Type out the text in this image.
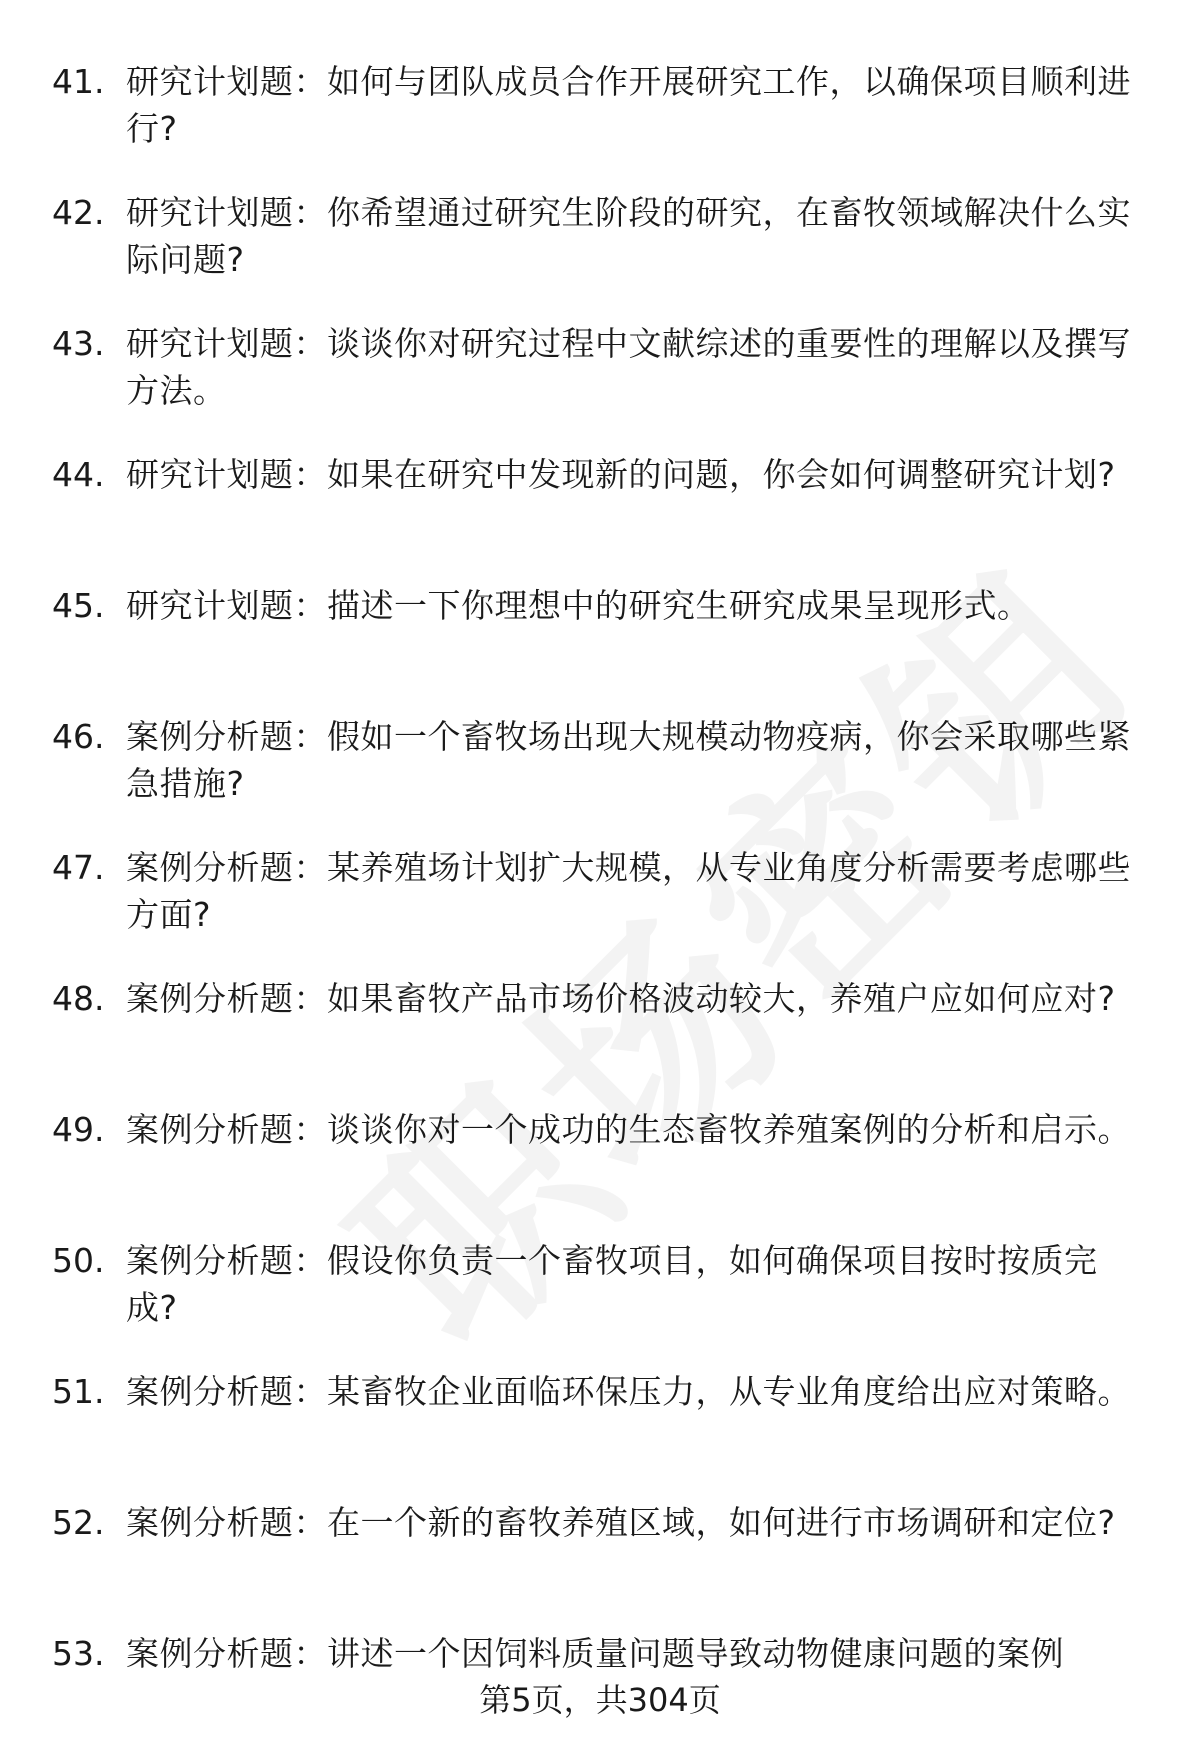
41. 研究计划题：如何与团队成员合作开展研究工作，以确保项目顺利进行?
42. 研究计划题：你希望通过研究生阶段的研究，在畜牧领域解决什么实际问题?
43. 研究计划题：谈谈你对研究过程中文献综述的重要性的理解以及撰写方法。
44. 研究计划题：如果在研究中发现新的问题，你会如何调整研究计划?
45. 研究计划题：描述一下你理想中的研究生研究成果呈现形式。
46. 案例分析题：假如一个畜牧场出现大规模动物疫病，你会采取哪些紧急措施?
47. 案例分析题：某养殖场计划扩大规模，从专业角度分析需要考虑哪些方面?
48. 案例分析题：如果畜牧产品市场价格波动较大，养殖户应如何应对?
49. 案例分析题：谈谈你对一个成功的生态畜牧养殖案例的分析和启示。
50. 案例分析题：假设你负责一个畜牧项目，如何确保项目按时按质完成?
51. 案例分析题：某畜牧企业面临环保压力，从专业角度给出应对策略。
52. 案例分析题：在一个新的畜牧养殖区域，如何进行市场调研和定位?
53. 案例分析题：讲述一个因饲料质量问题导致动物健康问题的案例
第5页，共304页
